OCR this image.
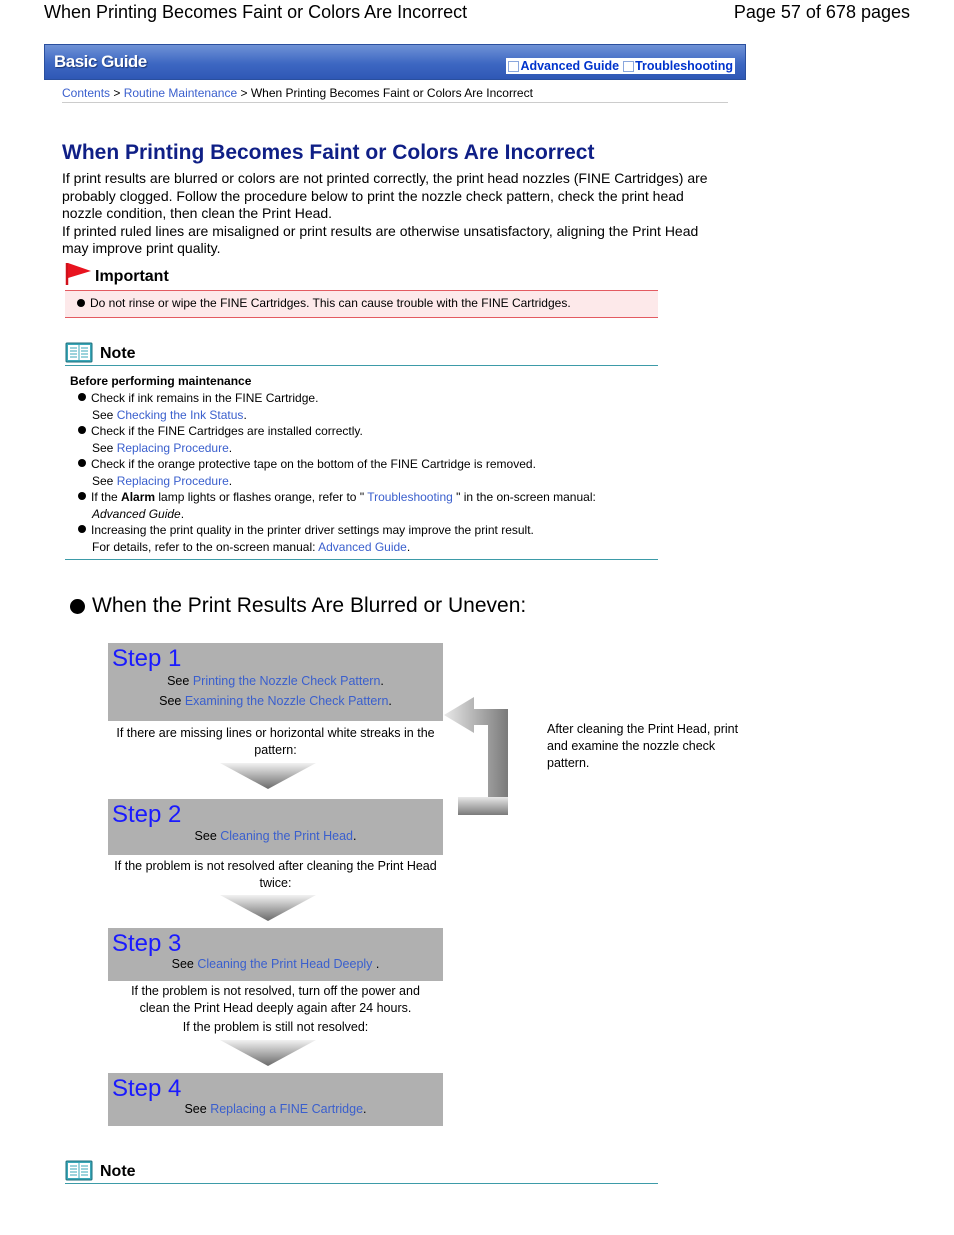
When Printing Becomes Faint or Colors Are Incorrect	Page 57 of 678 pages
Basic Guide	Advanced Guide Troubleshooting
Contents > Routine Maintenance > When Printing Becomes Faint or Colors Are Incorrect
When Printing Becomes Faint or Colors Are Incorrect

If print results are blurred or colors are not printed correctly, the print head nozzles (FINE Cartridges) are probably clogged. Follow the procedure below to print the nozzle check pattern, check the print head nozzle condition, then clean the Print Head.

If printed ruled lines are misaligned or print results are otherwise unsatisfactory, aligning the Print Head may improve print quality.

Important
Do not rinse or wipe the FINE Cartridges. This can cause trouble with the FINE Cartridges.
Note
Before performing maintenance
Check if ink remains in the FINE Cartridge.
See Checking the Ink Status.
Check if the FINE Cartridges are installed correctly.
See Replacing Procedure.
Check if the orange protective tape on the bottom of the FINE Cartridge is removed.
See Replacing Procedure.
If the Alarm lamp lights or flashes orange, refer to " Troubleshooting " in the on-screen manual:
Advanced Guide.
Increasing the print quality in the printer driver settings may improve the print result.
For details, refer to the on-screen manual: Advanced Guide.
When the Print Results Are Blurred or Uneven:
Step 1
See Printing the Nozzle Check Pattern.
See Examining the Nozzle Check Pattern.
If there are missing lines or horizontal white streaks in the pattern:
Step 2
See Cleaning the Print Head.
If the problem is not resolved after cleaning the Print Head twice:
Step 3
See Cleaning the Print Head Deeply .
If the problem is not resolved, turn off the power and clean the Print Head deeply again after 24 hours.
If the problem is still not resolved:
Step 4
See Replacing a FINE Cartridge.
After cleaning the Print Head, print and examine the nozzle check pattern.
Note
